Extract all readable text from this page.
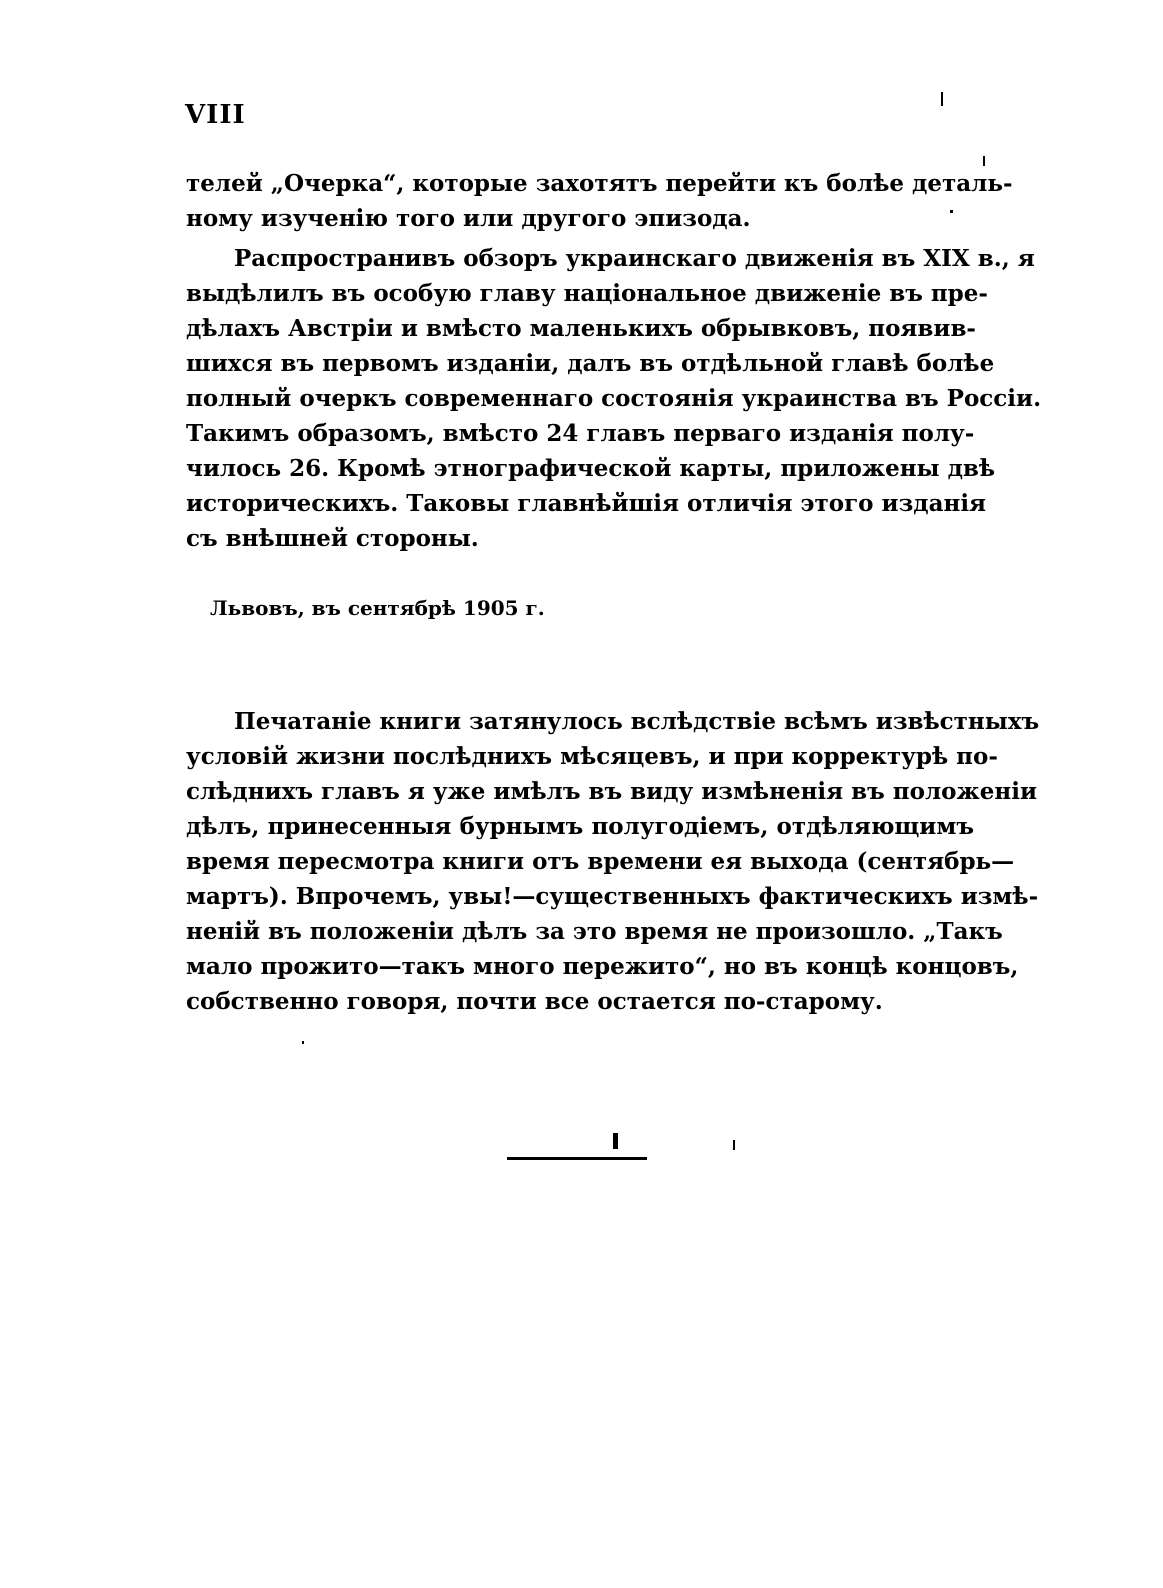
VIII
телей „Очерка“, которые захотятъ перейти къ болѣе деталь-
ному изученію того или другого эпизода.
Распространивъ обзоръ украинскаго движенія въ XIX в., я
выдѣлилъ въ особую главу національное движеніе въ пре-
дѣлахъ Австріи и вмѣсто маленькихъ обрывковъ, появив-
шихся въ первомъ изданіи, далъ въ отдѣльной главѣ болѣе
полный очеркъ современнаго состоянія украинства въ Россіи.
Такимъ образомъ, вмѣсто 24 главъ перваго изданія полу-
чилось 26. Кромѣ этнографической карты, приложены двѣ
историческихъ. Таковы главнѣйшія отличія этого изданія
съ внѣшней стороны.
Львовъ, въ сентябрѣ 1905 г.
Печатаніе книги затянулось вслѣдствіе всѣмъ извѣстныхъ
условій жизни послѣднихъ мѣсяцевъ, и при корректурѣ по-
слѣднихъ главъ я уже имѣлъ въ виду измѣненія въ положеніи
дѣлъ, принесенныя бурнымъ полугодіемъ, отдѣляющимъ
время пересмотра книги отъ времени ея выхода (сентябрь—
мартъ). Впрочемъ, увы!—существенныхъ фактическихъ измѣ-
неній въ положеніи дѣлъ за это время не произошло. „Такъ
мало прожито—такъ много пережито“, но въ концѣ концовъ,
собственно говоря, почти все остается по-старому.
